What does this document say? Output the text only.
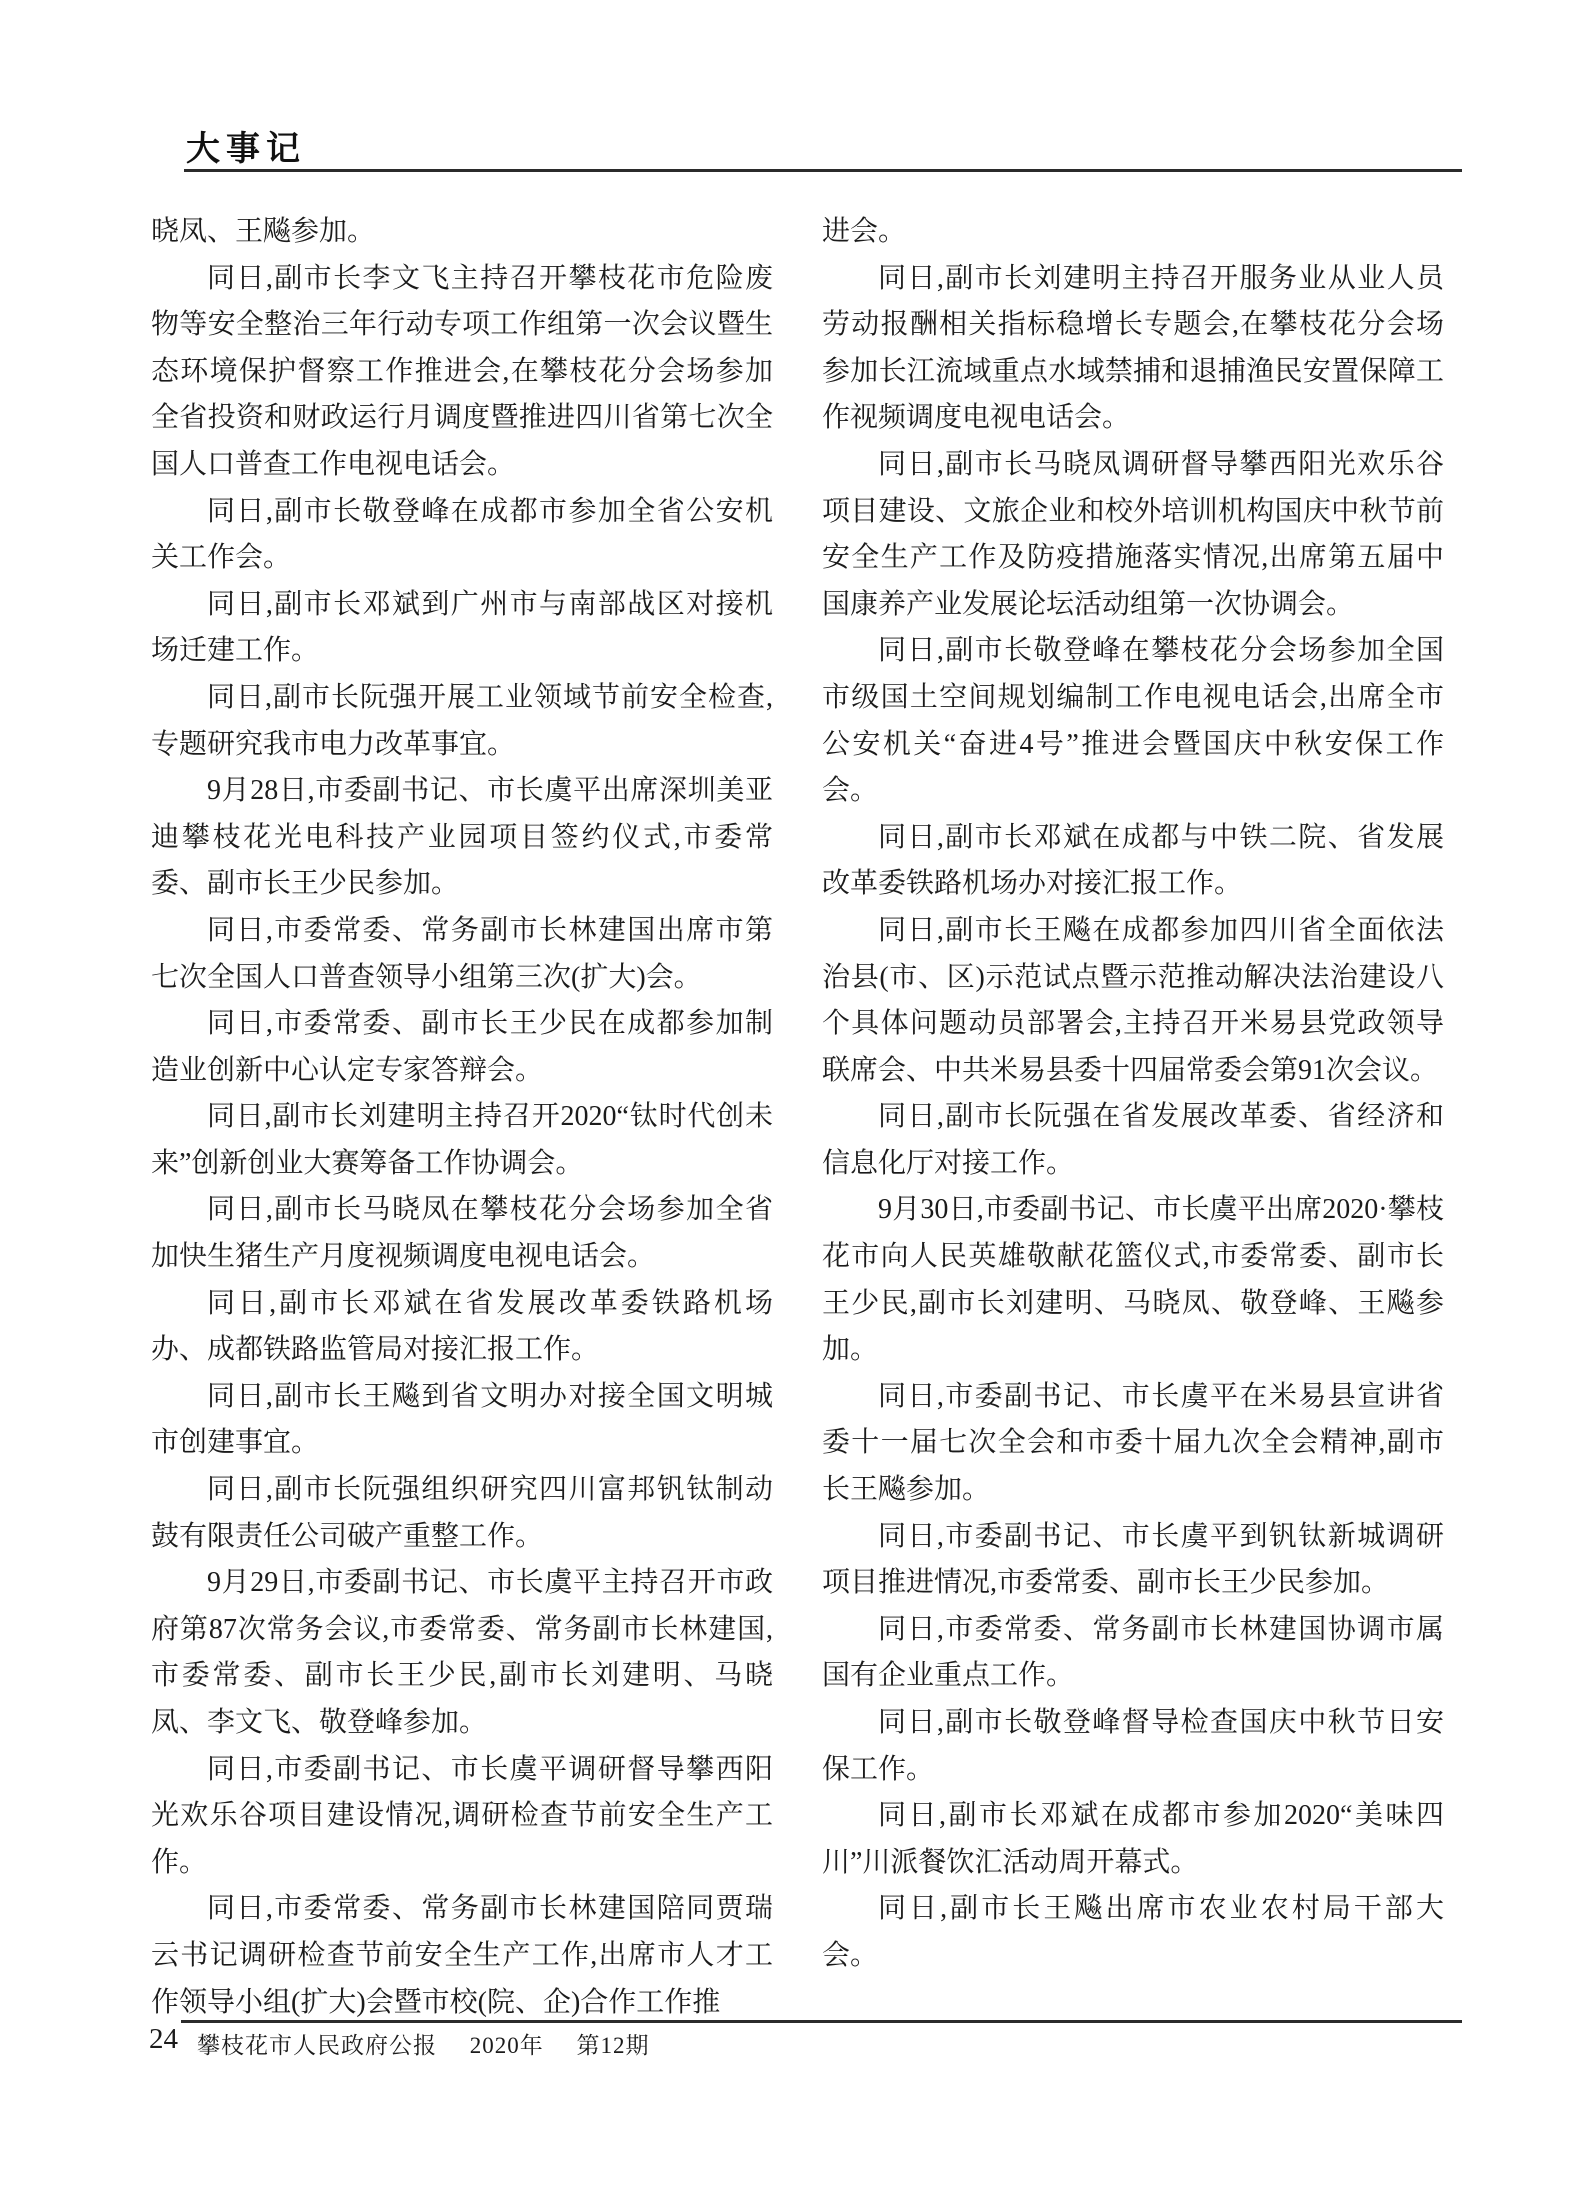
大事记

晓凤、王飚参加。

同日,副市长李文飞主持召开攀枝花市危险废物等安全整治三年行动专项工作组第一次会议暨生态环境保护督察工作推进会,在攀枝花分会场参加全省投资和财政运行月调度暨推进四川省第七次全国人口普查工作电视电话会。

同日,副市长敬登峰在成都市参加全省公安机关工作会。

同日,副市长邓斌到广州市与南部战区对接机场迁建工作。

同日,副市长阮强开展工业领域节前安全检查,专题研究我市电力改革事宜。

9月28日,市委副书记、市长虞平出席深圳美亚迪攀枝花光电科技产业园项目签约仪式,市委常委、副市长王少民参加。

同日,市委常委、常务副市长林建国出席市第七次全国人口普查领导小组第三次(扩大)会。

同日,市委常委、副市长王少民在成都参加制造业创新中心认定专家答辩会。

同日,副市长刘建明主持召开2020“钛时代创未来”创新创业大赛筹备工作协调会。

同日,副市长马晓凤在攀枝花分会场参加全省加快生猪生产月度视频调度电视电话会。

同日,副市长邓斌在省发展改革委铁路机场办、成都铁路监管局对接汇报工作。

同日,副市长王飚到省文明办对接全国文明城市创建事宜。

同日,副市长阮强组织研究四川富邦钒钛制动鼓有限责任公司破产重整工作。

9月29日,市委副书记、市长虞平主持召开市政府第87次常务会议,市委常委、常务副市长林建国,市委常委、副市长王少民,副市长刘建明、马晓凤、李文飞、敬登峰参加。

同日,市委副书记、市长虞平调研督导攀西阳光欢乐谷项目建设情况,调研检查节前安全生产工作。

同日,市委常委、常务副市长林建国陪同贾瑞云书记调研检查节前安全生产工作,出席市人才工作领导小组(扩大)会暨市校(院、企)合作工作推

进会。

同日,副市长刘建明主持召开服务业从业人员劳动报酬相关指标稳增长专题会,在攀枝花分会场参加长江流域重点水域禁捕和退捕渔民安置保障工作视频调度电视电话会。

同日,副市长马晓凤调研督导攀西阳光欢乐谷项目建设、文旅企业和校外培训机构国庆中秋节前安全生产工作及防疫措施落实情况,出席第五届中国康养产业发展论坛活动组第一次协调会。

同日,副市长敬登峰在攀枝花分会场参加全国市级国土空间规划编制工作电视电话会,出席全市公安机关“奋进4号”推进会暨国庆中秋安保工作会。

同日,副市长邓斌在成都与中铁二院、省发展改革委铁路机场办对接汇报工作。

同日,副市长王飚在成都参加四川省全面依法治县(市、区)示范试点暨示范推动解决法治建设八个具体问题动员部署会,主持召开米易县党政领导联席会、中共米易县委十四届常委会第91次会议。

同日,副市长阮强在省发展改革委、省经济和信息化厅对接工作。

9月30日,市委副书记、市长虞平出席2020·攀枝花市向人民英雄敬献花篮仪式,市委常委、副市长王少民,副市长刘建明、马晓凤、敬登峰、王飚参加。

同日,市委副书记、市长虞平在米易县宣讲省委十一届七次全会和市委十届九次全会精神,副市长王飚参加。

同日,市委副书记、市长虞平到钒钛新城调研项目推进情况,市委常委、副市长王少民参加。

同日,市委常委、常务副市长林建国协调市属国有企业重点工作。

同日,副市长敬登峰督导检查国庆中秋节日安保工作。

同日,副市长邓斌在成都市参加2020“美味四川”川派餐饮汇活动周开幕式。

同日,副市长王飚出席市农业农村局干部大会。

24 攀枝花市人民政府公报 2020年 第12期
